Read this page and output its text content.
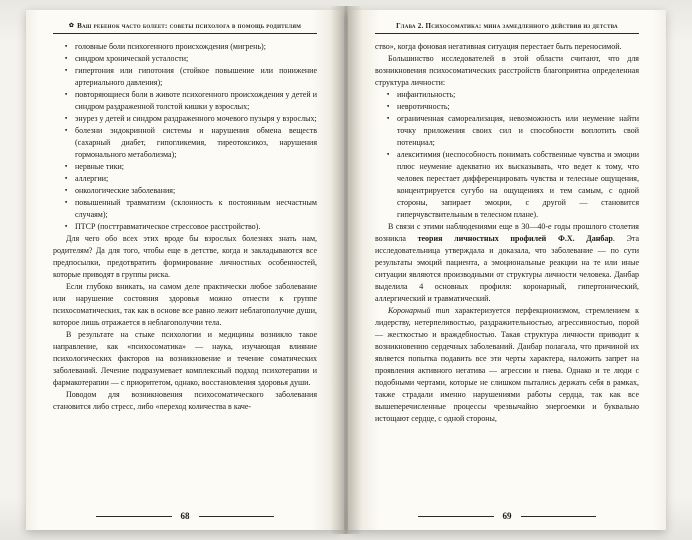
✿ Ваш ребенок часто болеет: советы психолога в помощь родителям
▪ головные боли психогенного происхождения (мигрень);
▪ синдром хронической усталости;
▪ гипертония или гипотония (стойкое повышение или понижение артериального давления);
▪ повторяющиеся боли в животе психогенного происхождения у детей и синдром раздраженной толстой кишки у взрослых;
▪ энурез у детей и синдром раздраженного мочевого пузыря у взрослых;
▪ болезни эндокринной системы и нарушения обмена веществ (сахарный диабет, гипогликемия, тиреотоксикоз, нарушения гормонального метаболизма);
▪ нервные тики;
▪ аллергии;
▪ онкологические заболевания;
▪ повышенный травматизм (склонность к постоянным несчастным случаям);
▪ ПТСР (посттравматическое стрессовое расстройство).

Для чего обо всех этих вроде бы взрослых болезнях знать нам, родителям? Да для того, чтобы еще в детстве, когда и закладываются все предпосылки, предотвратить формирование личностных особенностей, которые приводят в группы риска.

Если глубоко вникать, на самом деле практически любое заболевание или нарушение состояния здоровья можно отнести к группе психосоматических, так как в основе все равно лежит неблагополучие души, которое лишь отражается в неблагополучии тела.

В результате на стыке психологии и медицины возникло такое направление, как «психосоматика» — наука, изучающая влияние психологических факторов на возникновение и течение соматических заболеваний. Лечение подразумевает комплексный подход психотерапии и фармакотерапии — с приоритетом, однако, восстановления здоровья души.

Поводом для возникновения психосоматического заболевания становится либо стресс, либо «переход количества в каче-

68
Глава 2. Психосоматика: мина замедленного действия из детства

ство», когда фоновая негативная ситуация перестает быть переносимой.

Большинство исследователей в этой области считают, что для возникновения психосоматических расстройств благоприятна определенная структура личности:

▪ инфантильность;
▪ невротичность;
▪ ограниченная самореализация, невозможность или неумение найти точку приложения своих сил и способности воплотить свой потенциал;
▪ алекситимия (неспособность понимать собственные чувства и эмоции плюс неумение адекватно их высказывать, что ведет к тому, что человек перестает дифференцировать чувства и телесные ощущения, концентрируется сугубо на ощущениях и тем самым, с одной стороны, запирает эмоции, с другой — становится гиперчувствительным в телесном плане).

В связи с этими наблюдениями еще в 30—40-е годы прошлого столетия возникла теория личностных профилей Ф.Х. Данбар. Эта исследовательница утверждала и доказала, что заболевание — по сути результаты эмоций пациента, а эмоциональные реакции на те или иные ситуации являются производными от структуры личности человека. Данбар выделила 4 основных профиля: коронарный, гипертонический, аллергический и травматический.

Коронарный тип характеризуется перфекционизмом, стремлением к лидерству, нетерпеливостью, раздражительностью, агрессивностью, порой — жесткостью и враждебностью. Такая структура личности приводит к возникновению сердечных заболеваний. Данбар полагала, что причиной их является попытка подавить все эти черты характера, наложить запрет на проявления активного негатива — агрессии и гнева. Однако и те люди с подобными чертами, которые не слишком пытались держать себя в рамках, также страдали именно нарушениями работы сердца, так как все вышеперечисленные процессы чрезвычайно энергоемки и буквально истощают сердце, с одной стороны,

69
